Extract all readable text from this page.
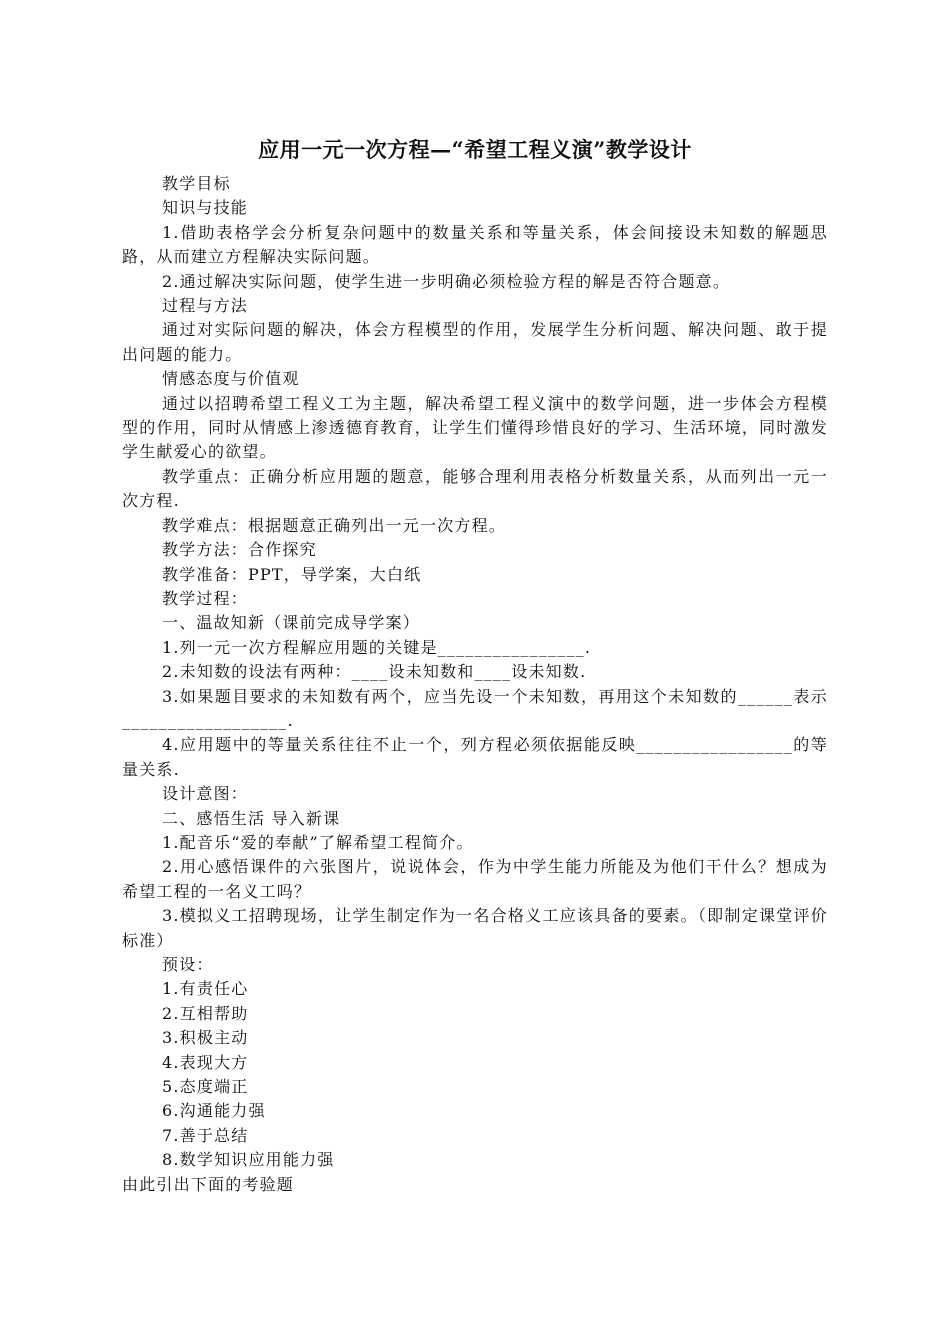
应用一元一次方程—“希望工程义演”教学设计

教学目标

知识与技能

1.借助表格学会分析复杂问题中的数量关系和等量关系，体会间接设未知数的解题思路，从而建立方程解决实际问题。

2.通过解决实际问题，使学生进一步明确必须检验方程的解是否符合题意。

过程与方法

通过对实际问题的解决，体会方程模型的作用，发展学生分析问题、解决问题、敢于提出问题的能力。

情感态度与价值观

通过以招聘希望工程义工为主题，解决希望工程义演中的数学问题，进一步体会方程模型的作用，同时从情感上渗透德育教育，让学生们懂得珍惜良好的学习、生活环境，同时激发学生献爱心的欲望。

教学重点：正确分析应用题的题意，能够合理利用表格分析数量关系，从而列出一元一次方程.

教学难点：根据题意正确列出一元一次方程。

教学方法：合作探究

教学准备：PPT，导学案，大白纸

教学过程：

一、温故知新（课前完成导学案）

1.列一元一次方程解应用题的关键是________________.

2.未知数的设法有两种：____设未知数和____设未知数.

3.如果题目要求的未知数有两个，应当先设一个未知数，再用这个未知数的______表示__________________.

4.应用题中的等量关系往往不止一个，列方程必须依据能反映_________________的等量关系.

设计意图：

二、感悟生活 导入新课

1.配音乐“爱的奉献”了解希望工程简介。

2.用心感悟课件的六张图片，说说体会，作为中学生能力所能及为他们干什么？想成为希望工程的一名义工吗？

3.模拟义工招聘现场，让学生制定作为一名合格义工应该具备的要素。（即制定课堂评价标准）

预设：

1.有责任心

2.互相帮助

3.积极主动

4.表现大方

5.态度端正

6.沟通能力强

7.善于总结

8.数学知识应用能力强

由此引出下面的考验题
